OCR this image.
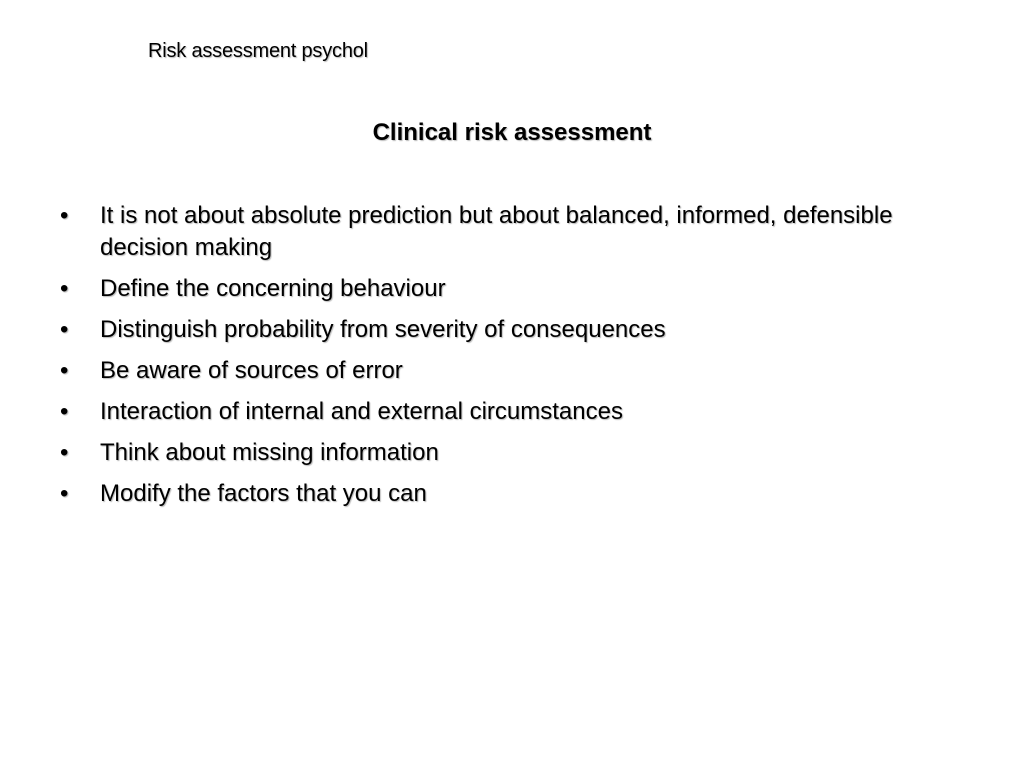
Risk assessment psychol
Clinical risk assessment
•	It is not about absolute prediction but about balanced, informed, defensible decision making
•	Define the concerning behaviour
•	Distinguish probability from severity of consequences
•	Be aware of sources of error
•	Interaction of internal and external circumstances
•	Think about missing information
•	Modify the factors that you can
